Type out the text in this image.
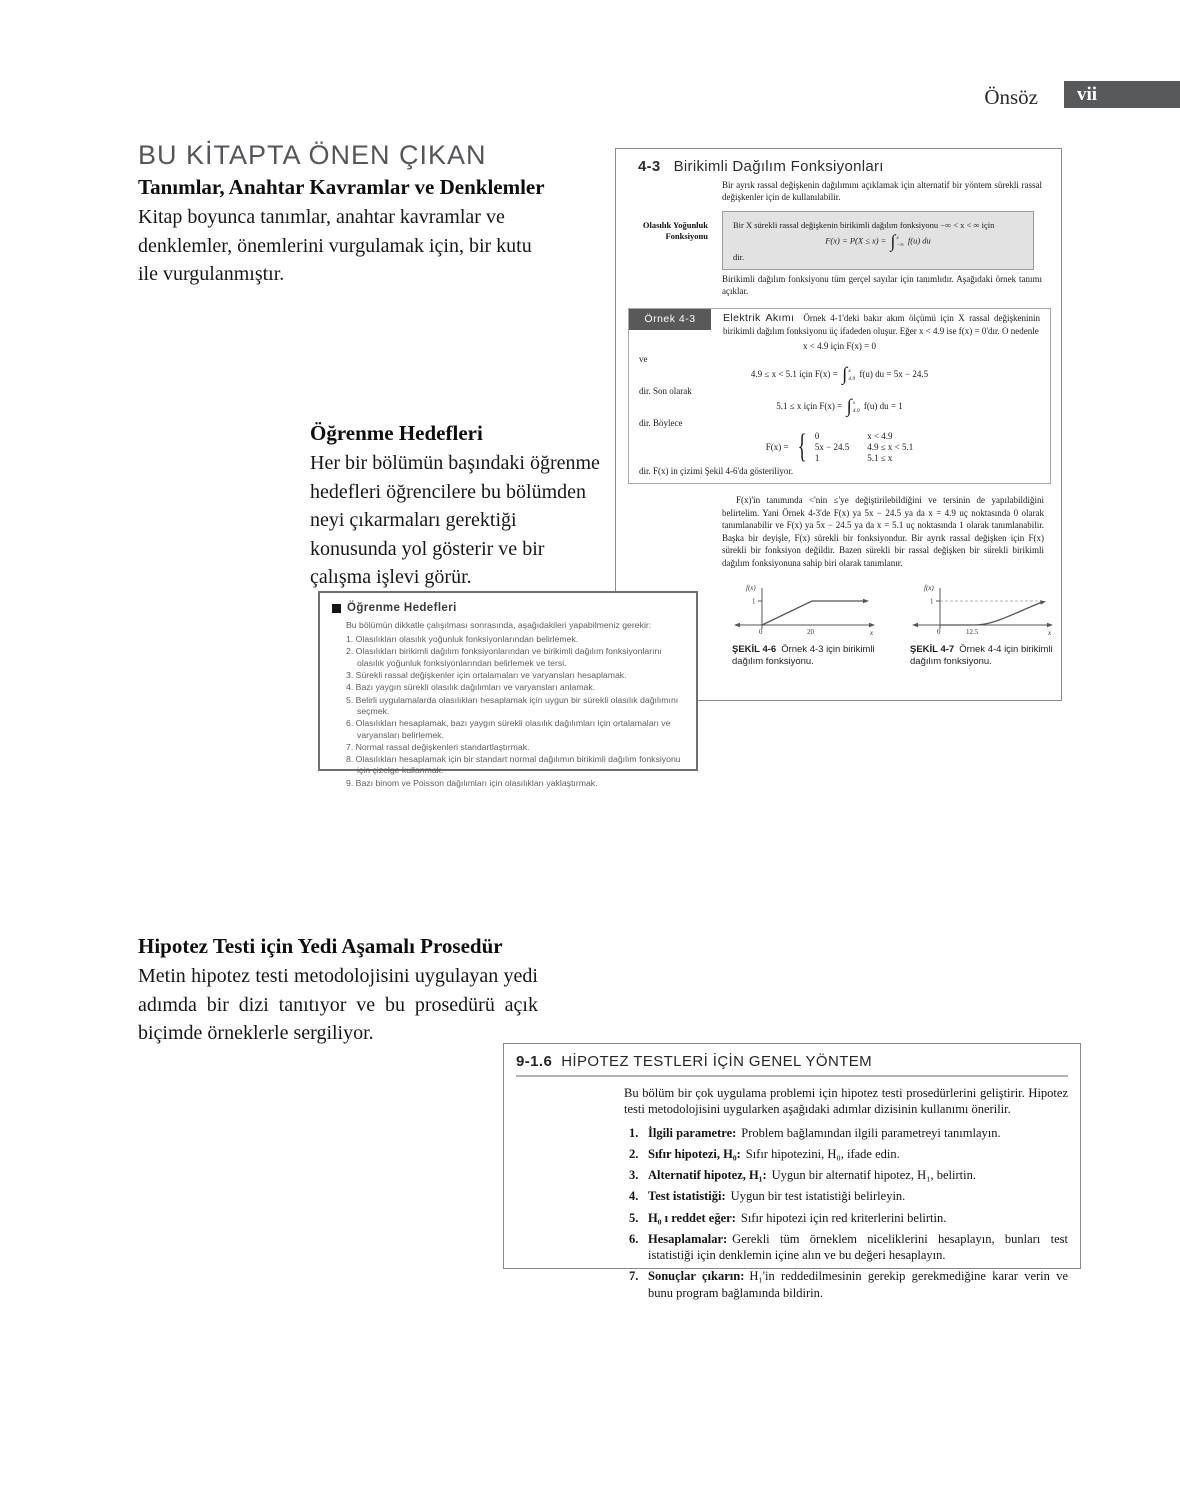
Önsöz	vii
BU KİTAPTA ÖNEN ÇIKAN

Tanımlar, Anahtar Kavramlar ve Denklemler

Kitap boyunca tanımlar, anahtar kavramlar ve denklemler, önemlerini vurgulamak için, bir kutu ile vurgulanmıştır.

Öğrenme Hedefleri

Her bir bölümün başındaki öğrenme hedefleri öğrencilere bu bölümden neyi çıkarmaları gerektiği konusunda yol gösterir ve bir çalışma işlevi görür.

Hipotez Testi için Yedi Aşamalı Prosedür

Metin hipotez testi metodolojisini uygulayan yedi adımda bir dizi tanıtıyor ve bu prosedürü açık biçimde örneklerle sergiliyor.

4-3 Birikimli Dağılım Fonksiyonları

Bir ayrık rassal değişkenin dağılımını açıklamak için alternatif bir yöntem sürekli rassal değişkenler için de kullanılabilir.

Olasılık Yoğunluk Fonksiyonu
Bir X sürekli rassal değişkenin birikimli dağılım fonksiyonu −∞ < x < ∞ için
F(x) = P(X ≤ x) = ∫ x
−∞ f(u) du
dir.

Birikimli dağılım fonksiyonu tüm gerçel sayılar için tanımlıdır. Aşağıdaki örnek tanımı açıklar.

Örnek 4-3	Elektrik Akımı Örnek 4-1'deki bakır akım ölçümü için X rassal değişkeninin birikimli dağılım fonksiyonu üç ifadeden oluşur. Eğer x < 4.9 ise f(x) = 0'dır. O nedenle
x < 4.9 için F(x) = 0
ve
4.9 ≤ x < 5.1 için F(x) = ∫ x
4.9 f(u) du = 5x − 24.5
dir. Son olarak
5.1 ≤ x için F(x) = ∫ x
4.9 f(u) du = 1
dir. Böylece
F(x) = { 0	x < 4.9
5x − 24.5 4.9 ≤ x < 5.1
1	5.1 ≤ x
dir. F(x) in çizimi Şekil 4-6'da gösteriliyor.

F(x)'in tanımında <'nin ≤'ye değiştirilebildiğini ve tersinin de yapılabildiğini belirtelim. Yani Örnek 4-3'de F(x) ya 5x − 24.5 ya da x = 4.9 uç noktasında 0 olarak tanımlanabilir ve F(x) ya 5x − 24.5 ya da x = 5.1 uç noktasında 1 olarak tanımlanabilir. Başka bir deyişle, F(x) sürekli bir fonksiyondur. Bir ayrık rassal değişken için F(x) sürekli bir fonksiyon değildir. Bazen sürekli bir rassal değişken bir sürekli birikimli dağılım fonksiyonuna sahip biri olarak tanımlanır.

f(x)
1
0	20	x
ŞEKİL 4-6 Örnek 4-3 için birikimli dağılım fonksiyonu.
f(x)
1
0	12.5	x
ŞEKİL 4-7 Örnek 4-4 için birikimli dağılım fonksiyonu.
Öğrenme Hedefleri
Bu bölümün dikkatle çalışılması sonrasında, aşağıdakileri yapabilmeniz gerekir:
1. Olasılıkları olasılık yoğunluk fonksiyonlarından belirlemek.
2. Olasılıkları birikimli dağılım fonksiyonlarından ve birikimli dağılım fonksiyonlarını olasılık yoğunluk fonksiyonlarından belirlemek ve tersi.
3. Sürekli rassal değişkenler için ortalamaları ve varyansları hesaplamak.
4. Bazı yaygın sürekli olasılık dağılımları ve varyansları anlamak.
5. Belirli uygulamalarda olasılıkları hesaplamak için uygun bir sürekli olasılık dağılımını seçmek.
6. Olasılıkları hesaplamak, bazı yaygın sürekli olasılık dağılımları için ortalamaları ve varyansları belirlemek.
7. Normal rassal değişkenleri standartlaştırmak.
8. Olasılıkları hesaplamak için bir standart normal dağılımın birikimli dağılım fonksiyonu için çizelge kullanmak.
9. Bazı binom ve Poisson dağılımları için olasılıkları yaklaştırmak.
9-1.6 HİPOTEZ TESTLERİ İÇİN GENEL YÖNTEM

Bu bölüm bir çok uygulama problemi için hipotez testi prosedürlerini geliştirir. Hipotez testi metodolojisini uygularken aşağıdaki adımlar dizisinin kullanımı önerilir.

1. İlgili parametre: Problem bağlamından ilgili parametreyi tanımlayın.
2. Sıfır hipotezi, H₀: Sıfır hipotezini, H₀, ifade edin.
3. Alternatif hipotez, H₁: Uygun bir alternatif hipotez, H₁, belirtin.
4. Test istatistiği: Uygun bir test istatistiği belirleyin.
5. H₀ ı reddet eğer: Sıfır hipotezi için red kriterlerini belirtin.
6. Hesaplamalar: Gerekli tüm örneklem niceliklerini hesaplayın, bunları test istatistiği için denklemin içine alın ve bu değeri hesaplayın.
7. Sonuçlar çıkarın: H₁'in reddedilmesinin gerekip gerekmediğine karar verin ve bunu program bağlamında bildirin.
